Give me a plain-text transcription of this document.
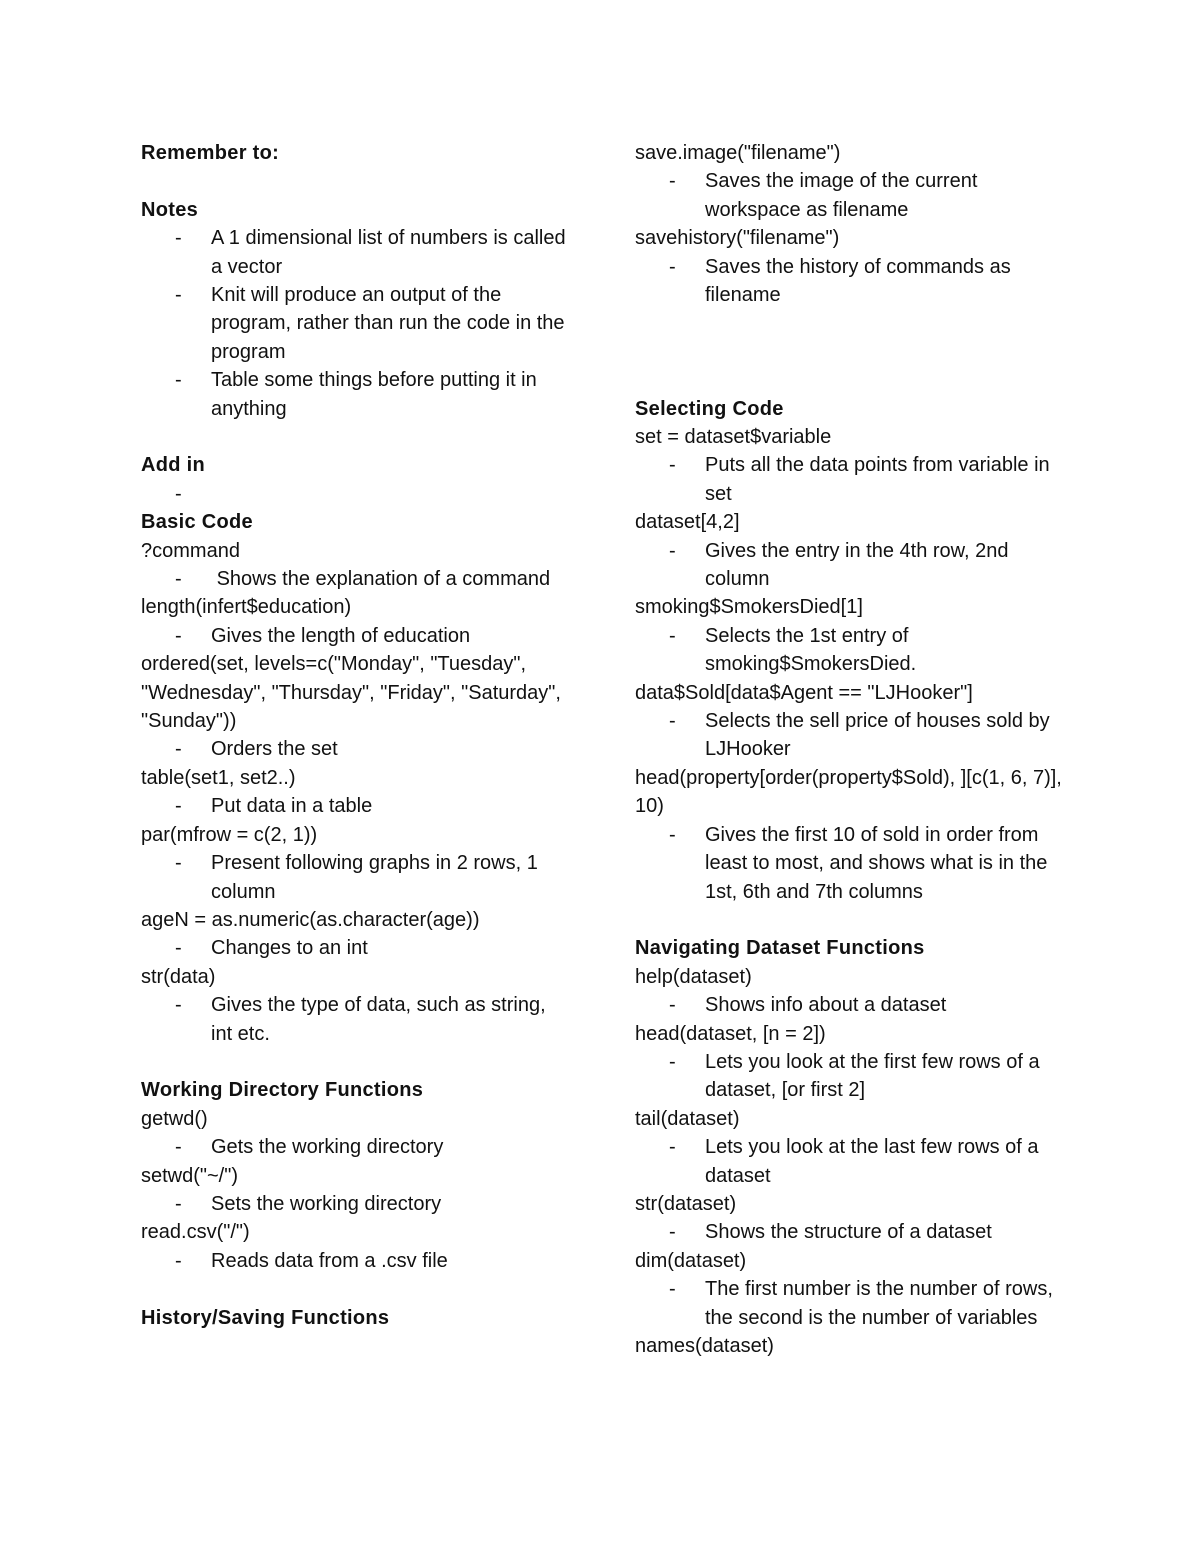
Remember to:
Notes
- A 1 dimensional list of numbers is called a vector
- Knit will produce an output of the program, rather than run the code in the program
- Table some things before putting it in anything
Add in
-
Basic Code
?command
- Shows the explanation of a command
length(infert$education)
- Gives the length of education
ordered(set, levels=c("Monday", "Tuesday", "Wednesday", "Thursday", "Friday", "Saturday", "Sunday"))
- Orders the set
table(set1, set2..)
- Put data in a table
par(mfrow = c(2, 1))
- Present following graphs in 2 rows, 1 column
ageN = as.numeric(as.character(age))
- Changes to an int
str(data)
- Gives the type of data, such as string, int etc.
Working Directory Functions
getwd()
- Gets the working directory
setwd("~/")
- Sets the working directory
read.csv("/")
- Reads data from a .csv file
History/Saving Functions
save.image("filename")
- Saves the image of the current workspace as filename
savehistory("filename")
- Saves the history of commands as filename
Selecting Code
set = dataset$variable
- Puts all the data points from variable in set
dataset[4,2]
- Gives the entry in the 4th row, 2nd column
smoking$SmokersDied[1]
- Selects the 1st entry of smoking$SmokersDied.
data$Sold[data$Agent == "LJHooker"]
- Selects the sell price of houses sold by LJHooker
head(property[order(property$Sold), ][c(1, 6, 7)], 10)
- Gives the first 10 of sold in order from least to most, and shows what is in the 1st, 6th and 7th columns
Navigating Dataset Functions
help(dataset)
- Shows info about a dataset
head(dataset, [n = 2])
- Lets you look at the first few rows of a dataset, [or first 2]
tail(dataset)
- Lets you look at the last few rows of a dataset
str(dataset)
- Shows the structure of a dataset
dim(dataset)
- The first number is the number of rows, the second is the number of variables
names(dataset)
